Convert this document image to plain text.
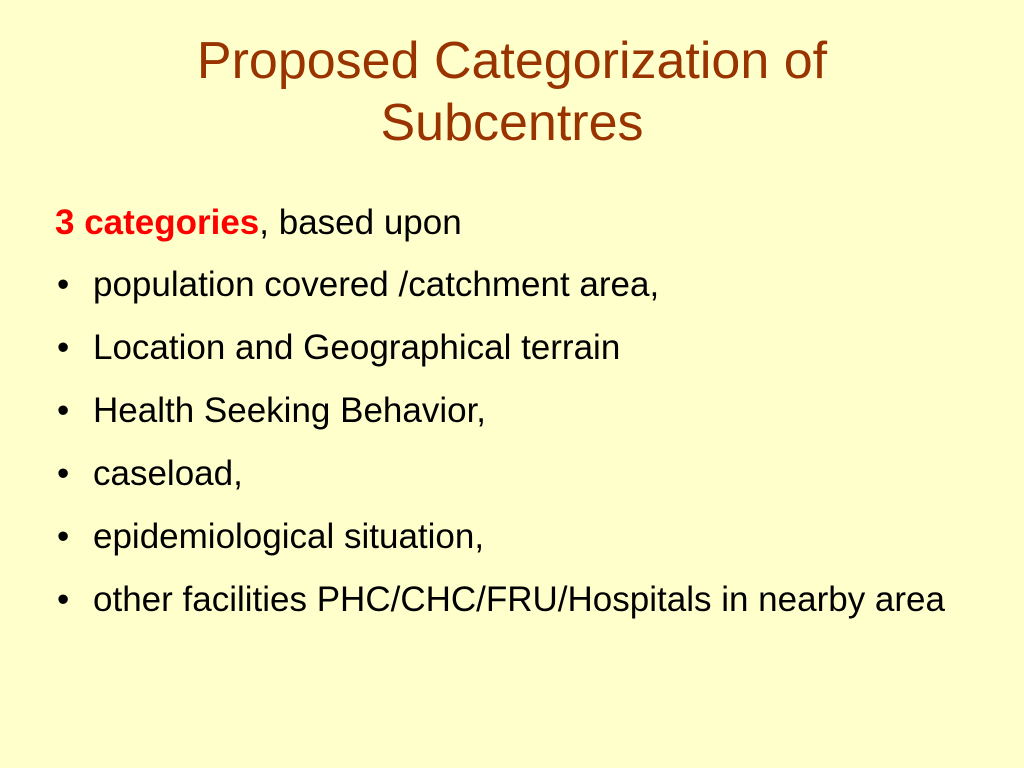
Proposed Categorization of
Subcentres

3 categories, based upon

• population covered /catchment area,
• Location and Geographical terrain
• Health Seeking Behavior,
• caseload,
• epidemiological situation,
• other facilities PHC/CHC/FRU/Hospitals in nearby area
